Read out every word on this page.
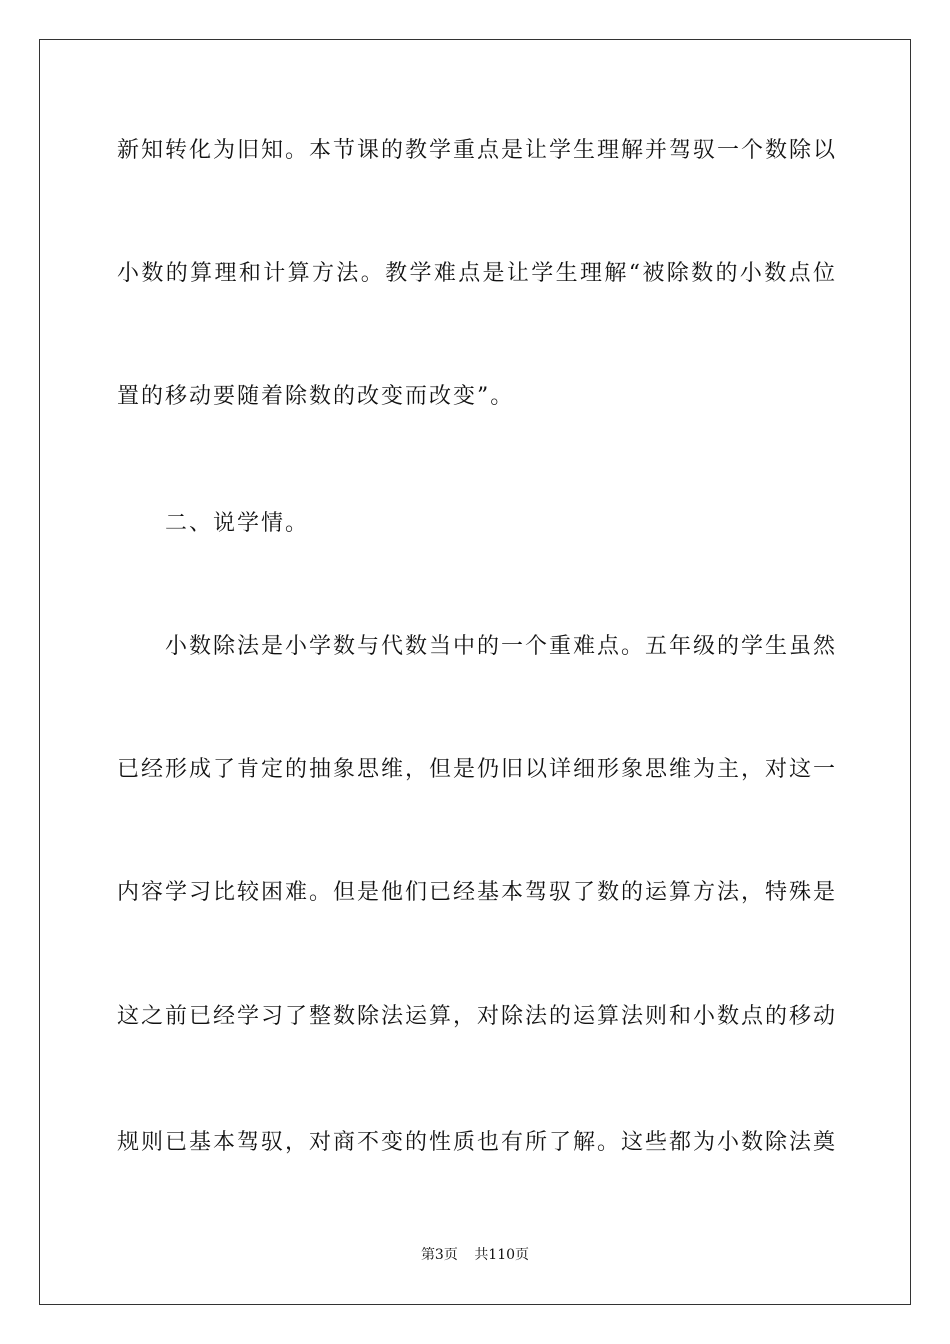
新知转化为旧知。本节课的教学重点是让学生理解并驾驭一个数除以
小数的算理和计算方法。教学难点是让学生理解“被除数的小数点位
置的移动要随着除数的改变而改变”。
二、说学情。
小数除法是小学数与代数当中的一个重难点。五年级的学生虽然
已经形成了肯定的抽象思维，但是仍旧以详细形象思维为主，对这一
内容学习比较困难。但是他们已经基本驾驭了数的运算方法，特殊是
这之前已经学习了整数除法运算，对除法的运算法则和小数点的移动
规则已基本驾驭，对商不变的性质也有所了解。这些都为小数除法奠
第3页 共110页
